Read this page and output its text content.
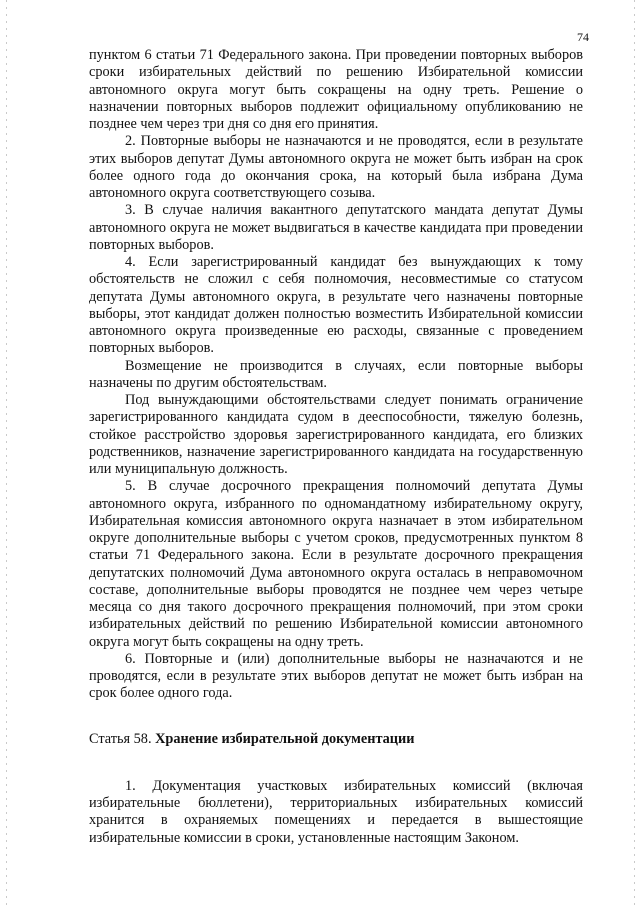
74

пунктом 6 статьи 71 Федерального закона. При проведении повторных выборов сроки избирательных действий по решению Избирательной комиссии автономного округа могут быть сокращены на одну треть. Решение о назначении повторных выборов подлежит официальному опубликованию не позднее чем через три дня со дня его принятия.

2. Повторные выборы не назначаются и не проводятся, если в результате этих выборов депутат Думы автономного округа не может быть избран на срок более одного года до окончания срока, на который была избрана Дума автономного округа соответствующего созыва.

3. В случае наличия вакантного депутатского мандата депутат Думы автономного округа не может выдвигаться в качестве кандидата при проведении повторных выборов.

4. Если зарегистрированный кандидат без вынуждающих к тому обстоятельств не сложил с себя полномочия, несовместимые со статусом депутата Думы автономного округа, в результате чего назначены повторные выборы, этот кандидат должен полностью возместить Избирательной комиссии автономного округа произведенные ею расходы, связанные с проведением повторных выборов.

Возмещение не производится в случаях, если повторные выборы назначены по другим обстоятельствам.

Под вынуждающими обстоятельствами следует понимать ограничение зарегистрированного кандидата судом в дееспособности, тяжелую болезнь, стойкое расстройство здоровья зарегистрированного кандидата, его близких родственников, назначение зарегистрированного кандидата на государственную или муниципальную должность.

5. В случае досрочного прекращения полномочий депутата Думы автономного округа, избранного по одномандатному избирательному округу, Избирательная комиссия автономного округа назначает в этом избирательном округе дополнительные выборы с учетом сроков, предусмотренных пунктом 8 статьи 71 Федерального закона. Если в результате досрочного прекращения депутатских полномочий Дума автономного округа осталась в неправомочном составе, дополнительные выборы проводятся не позднее чем через четыре месяца со дня такого досрочного прекращения полномочий, при этом сроки избирательных действий по решению Избирательной комиссии автономного округа могут быть сокращены на одну треть.

6. Повторные и (или) дополнительные выборы не назначаются и не проводятся, если в результате этих выборов депутат не может быть избран на срок более одного года.

Статья 58. Хранение избирательной документации

1. Документация участковых избирательных комиссий (включая избирательные бюллетени), территориальных избирательных комиссий хранится в охраняемых помещениях и передается в вышестоящие избирательные комиссии в сроки, установленные настоящим Законом.
